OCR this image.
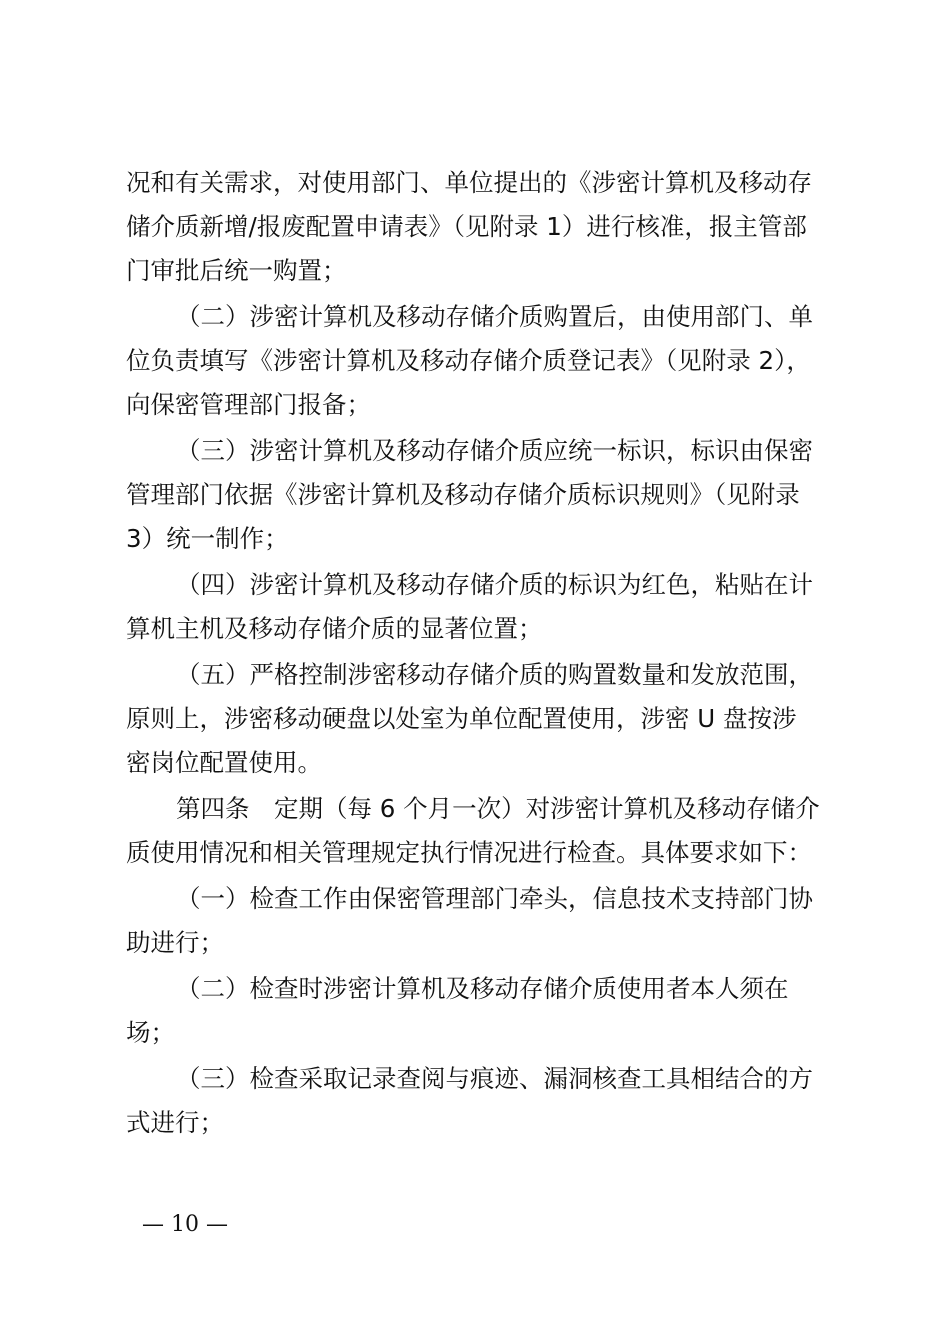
况和有关需求，对使用部门、单位提出的《涉密计算机及移动存
储介质新增/报废配置申请表》（见附录 1）进行核准，报主管部
门审批后统一购置；
（二）涉密计算机及移动存储介质购置后，由使用部门、单
位负责填写《涉密计算机及移动存储介质登记表》（见附录 2），
向保密管理部门报备；
（三）涉密计算机及移动存储介质应统一标识，标识由保密
管理部门依据《涉密计算机及移动存储介质标识规则》（见附录
3）统一制作；
（四）涉密计算机及移动存储介质的标识为红色，粘贴在计
算机主机及移动存储介质的显著位置；
（五）严格控制涉密移动存储介质的购置数量和发放范围，
原则上，涉密移动硬盘以处室为单位配置使用，涉密 U 盘按涉
密岗位配置使用。
第四条　定期（每 6 个月一次）对涉密计算机及移动存储介
质使用情况和相关管理规定执行情况进行检查。具体要求如下：
（一）检查工作由保密管理部门牵头，信息技术支持部门协
助进行；
（二）检查时涉密计算机及移动存储介质使用者本人须在
场；
（三）检查采取记录查阅与痕迹、漏洞核查工具相结合的方
式进行；
— 10 —
